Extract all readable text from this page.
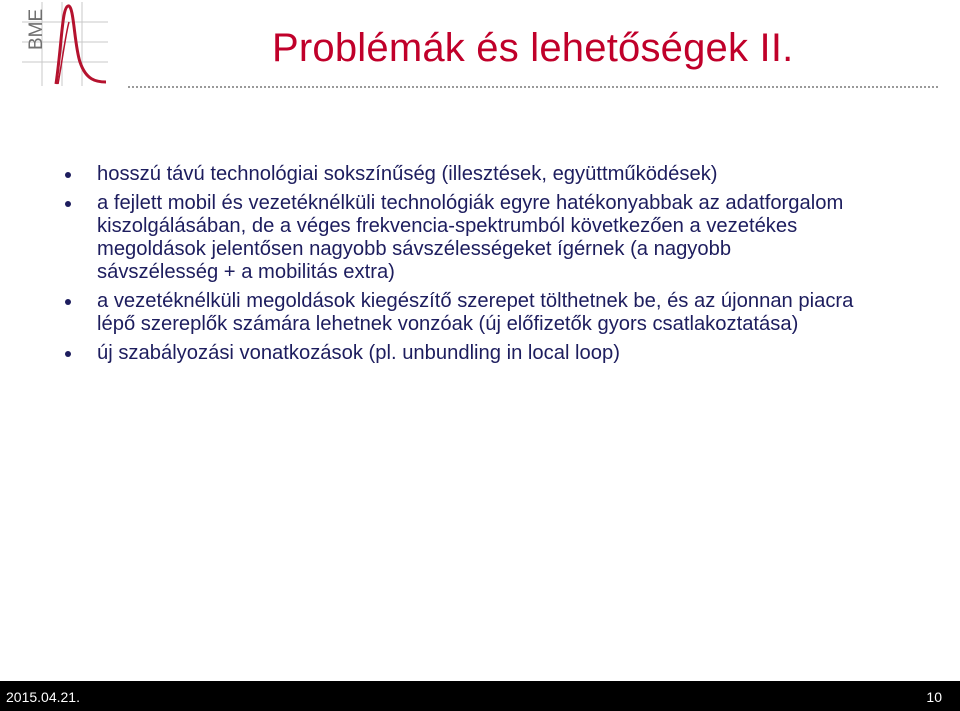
BME	Problémák és lehetőségek II.
hosszú távú technológiai sokszínűség (illesztések, együttműködések)
a fejlett mobil és vezetéknélküli technológiák egyre hatékonyabbak az adatforgalom kiszolgálásában, de a véges frekvencia-spektrumból következően a vezetékes megoldások jelentősen nagyobb sávszélességeket ígérnek (a nagyobb sávszélesség + a mobilitás extra)
a vezetéknélküli megoldások kiegészítő szerepet tölthetnek be, és az újonnan piacra lépő szereplők számára lehetnek vonzóak (új előfizetők gyors csatlakoztatása)
új szabályozási vonatkozások (pl. unbundling in local loop)
2015.04.21.	10
